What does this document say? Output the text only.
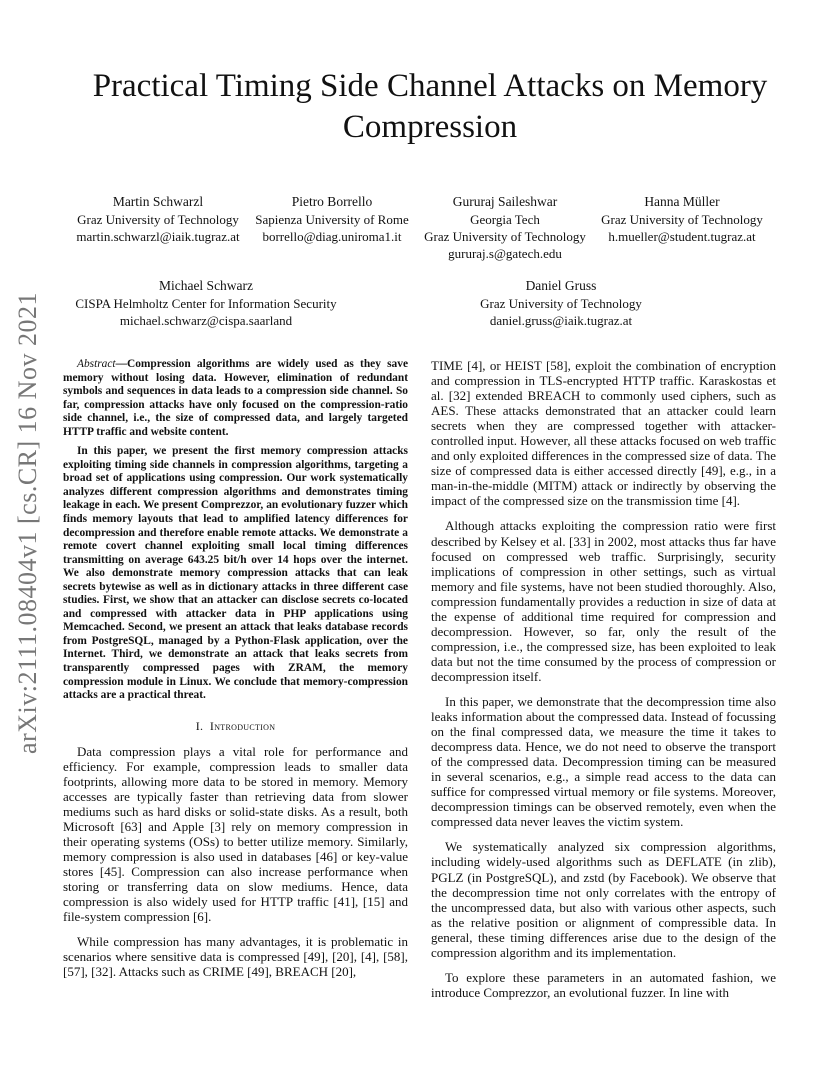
arXiv:2111.08404v1 [cs.CR] 16 Nov 2021
Practical Timing Side Channel Attacks on Memory Compression
Martin Schwarzl
Graz University of Technology
martin.schwarzl@iaik.tugraz.at
Pietro Borrello
Sapienza University of Rome
borrello@diag.uniroma1.it
Gururaj Saileshwar
Georgia Tech
Graz University of Technology
gururaj.s@gatech.edu
Hanna Müller
Graz University of Technology
h.mueller@student.tugraz.at
Michael Schwarz
CISPA Helmholtz Center for Information Security
michael.schwarz@cispa.saarland
Daniel Gruss
Graz University of Technology
daniel.gruss@iaik.tugraz.at

Abstract—Compression algorithms are widely used as they save memory without losing data. However, elimination of redundant symbols and sequences in data leads to a compression side channel. So far, compression attacks have only focused on the compression-ratio side channel, i.e., the size of compressed data, and largely targeted HTTP traffic and website content.

In this paper, we present the first memory compression attacks exploiting timing side channels in compression algorithms, targeting a broad set of applications using compression. Our work systematically analyzes different compression algorithms and demonstrates timing leakage in each. We present Comprezzor, an evolutionary fuzzer which finds memory layouts that lead to amplified latency differences for decompression and therefore enable remote attacks. We demonstrate a remote covert channel exploiting small local timing differences transmitting on average 643.25 bit/h over 14 hops over the internet. We also demonstrate memory compression attacks that can leak secrets bytewise as well as in dictionary attacks in three different case studies. First, we show that an attacker can disclose secrets co-located and compressed with attacker data in PHP applications using Memcached. Second, we present an attack that leaks database records from PostgreSQL, managed by a Python-Flask application, over the Internet. Third, we demonstrate an attack that leaks secrets from transparently compressed pages with ZRAM, the memory compression module in Linux. We conclude that memory-compression attacks are a practical threat.

I. Introduction

Data compression plays a vital role for performance and efficiency. For example, compression leads to smaller data footprints, allowing more data to be stored in memory. Memory accesses are typically faster than retrieving data from slower mediums such as hard disks or solid-state disks. As a result, both Microsoft [63] and Apple [3] rely on memory compression in their operating systems (OSs) to better utilize memory. Similarly, memory compression is also used in databases [46] or key-value stores [45]. Compression can also increase performance when storing or transferring data on slow mediums. Hence, data compression is also widely used for HTTP traffic [41], [15] and file-system compression [6].

While compression has many advantages, it is problematic in scenarios where sensitive data is compressed [49], [20], [4], [58], [57], [32]. Attacks such as CRIME [49], BREACH [20],

TIME [4], or HEIST [58], exploit the combination of encryption and compression in TLS-encrypted HTTP traffic. Karaskostas et al. [32] extended BREACH to commonly used ciphers, such as AES. These attacks demonstrated that an attacker could learn secrets when they are compressed together with attacker-controlled input. However, all these attacks focused on web traffic and only exploited differences in the compressed size of data. The size of compressed data is either accessed directly [49], e.g., in a man-in-the-middle (MITM) attack or indirectly by observing the impact of the compressed size on the transmission time [4].

Although attacks exploiting the compression ratio were first described by Kelsey et al. [33] in 2002, most attacks thus far have focused on compressed web traffic. Surprisingly, security implications of compression in other settings, such as virtual memory and file systems, have not been studied thoroughly. Also, compression fundamentally provides a reduction in size of data at the expense of additional time required for compression and decompression. However, so far, only the result of the compression, i.e., the compressed size, has been exploited to leak data but not the time consumed by the process of compression or decompression itself.

In this paper, we demonstrate that the decompression time also leaks information about the compressed data. Instead of focussing on the final compressed data, we measure the time it takes to decompress data. Hence, we do not need to observe the transport of the compressed data. Decompression timing can be measured in several scenarios, e.g., a simple read access to the data can suffice for compressed virtual memory or file systems. Moreover, decompression timings can be observed remotely, even when the compressed data never leaves the victim system.

We systematically analyzed six compression algorithms, including widely-used algorithms such as DEFLATE (in zlib), PGLZ (in PostgreSQL), and zstd (by Facebook). We observe that the decompression time not only correlates with the entropy of the uncompressed data, but also with various other aspects, such as the relative position or alignment of compressible data. In general, these timing differences arise due to the design of the compression algorithm and its implementation.

To explore these parameters in an automated fashion, we introduce Comprezzor, an evolutional fuzzer. In line with
